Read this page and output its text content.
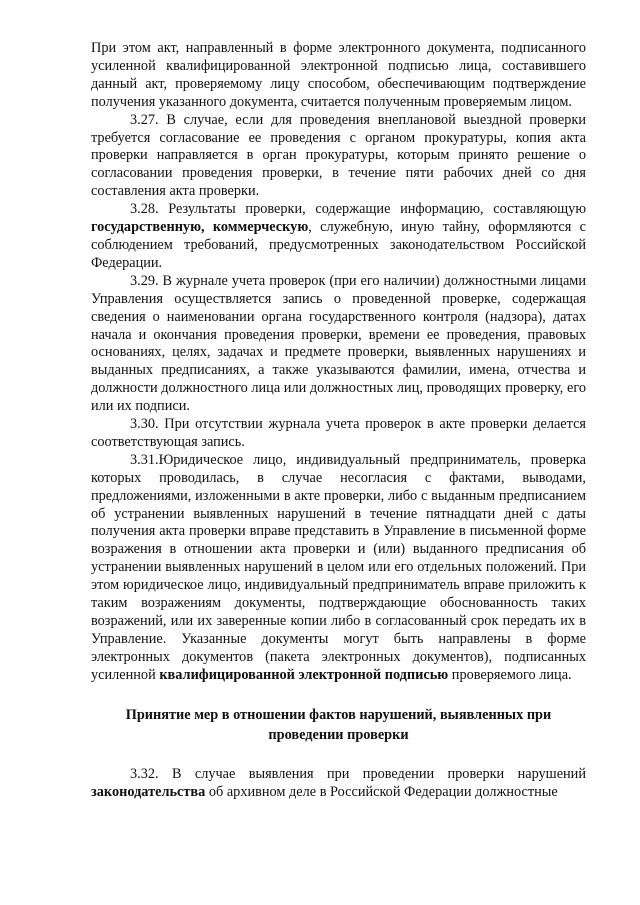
При этом акт, направленный в форме электронного документа, подписанного усиленной квалифицированной электронной подписью лица, составившего данный акт, проверяемому лицу способом, обеспечивающим подтверждение получения указанного документа, считается полученным проверяемым лицом.

3.27. В случае, если для проведения внеплановой выездной проверки требуется согласование ее проведения с органом прокуратуры, копия акта проверки направляется в орган прокуратуры, которым принято решение о согласовании проведения проверки, в течение пяти рабочих дней со дня составления акта проверки.

3.28. Результаты проверки, содержащие информацию, составляющую государственную, коммерческую, служебную, иную тайну, оформляются с соблюдением требований, предусмотренных законодательством Российской Федерации.

3.29. В журнале учета проверок (при его наличии) должностными лицами Управления осуществляется запись о проведенной проверке, содержащая сведения о наименовании органа государственного контроля (надзора), датах начала и окончания проведения проверки, времени ее проведения, правовых основаниях, целях, задачах и предмете проверки, выявленных нарушениях и выданных предписаниях, а также указываются фамилии, имена, отчества и должности должностного лица или должностных лиц, проводящих проверку, его или их подписи.

3.30. При отсутствии журнала учета проверок в акте проверки делается соответствующая запись.

3.31.Юридическое лицо, индивидуальный предприниматель, проверка которых проводилась, в случае несогласия с фактами, выводами, предложениями, изложенными в акте проверки, либо с выданным предписанием об устранении выявленных нарушений в течение пятнадцати дней с даты получения акта проверки вправе представить в Управление в письменной форме возражения в отношении акта проверки и (или) выданного предписания об устранении выявленных нарушений в целом или его отдельных положений. При этом юридическое лицо, индивидуальный предприниматель вправе приложить к таким возражениям документы, подтверждающие обоснованность таких возражений, или их заверенные копии либо в согласованный срок передать их в Управление. Указанные документы могут быть направлены в форме электронных документов (пакета электронных документов), подписанных усиленной квалифицированной электронной подписью проверяемого лица.

Принятие мер в отношении фактов нарушений, выявленных при
проведении проверки

3.32. В случае выявления при проведении проверки нарушений законодательства об архивном деле в Российской Федерации должностные
